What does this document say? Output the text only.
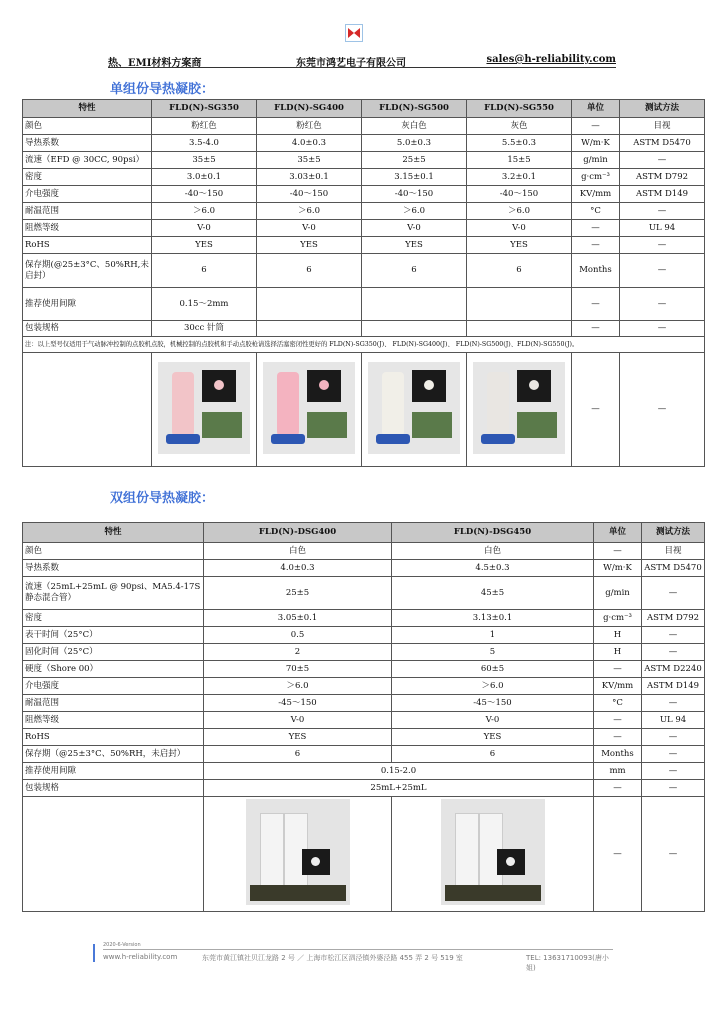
热、EMI材料方案商	东莞市鸿艺电子有限公司	sales@h-reliability.com
单组份导热凝胶：
特性	FLD(N)-SG350	FLD(N)-SG400	FLD(N)-SG500	FLD(N)-SG550	单位	测试方法
颜色	粉红色	粉红色	灰白色	灰色	—	目视
导热系数	3.5-4.0	4.0±0.3	5.0±0.3	5.5±0.3	W/m·K	ASTM D5470
流速（EFD @ 30CC, 90psi）	35±5	35±5	25±5	15±5	g/min	—
密度	3.0±0.1	3.03±0.1	3.15±0.1	3.2±0.1	g·cm⁻³	ASTM D792
介电强度	-40～150	-40～150	-40～150	-40～150	KV/mm	ASTM D149
耐温范围	＞6.0	＞6.0	＞6.0	＞6.0	°C	—
阻燃等级	V-0	V-0	V-0	V-0	—	UL 94
RoHS	YES	YES	YES	YES	—	—
保存期(@25±3°C、50%RH,未启封）	6	6	6	6	Months	—
推荐使用间隙	0.15～2mm				—	—
包装规格	30cc 针筒				—	—
注：以上型号仅适用于气动脉冲控制的点胶机点胶，机械控制的点胶机和手动点胶枪请选择活塞密闭性更好的 FLD(N)-SG350(J)、 FLD(N)-SG400(J)、 FLD(N)-SG500(J)、FLD(N)-SG550(J)。						

	—	—
双组份导热凝胶：
特性	FLD(N)-DSG400	FLD(N)-DSG450	单位	测试方法
颜色	白色	白色	—	目视
导热系数	4.0±0.3	4.5±0.3	W/m·K	ASTM D5470
流速（25mL+25mL @ 90psi、MA5.4-17S 静态混合管）	25±5	45±5	g/min	—
密度	3.05±0.1	3.13±0.1	g·cm⁻³	ASTM D792
表干时间（25°C）	0.5	1	H	—
固化时间（25°C）	2	5	H	—
硬度（Shore 00）	70±5	60±5	—	ASTM D2240
介电强度	＞6.0	＞6.0	KV/mm	ASTM D149
耐温范围	-45～150	-45～150	°C	—
阻燃等级	V-0	V-0	—	UL 94
RoHS	YES	YES	—	—
保存期（@25±3°C、50%RH，未启封）	6	6	Months	—
推荐使用间隙	0.15-2.0		mm	—
包装规格	25mL+25mL		—	—

	—	—
2020-6-Version
www.h-reliability.com	东莞市黄江镇社贝江龙路 2 号 ／ 上海市松江区泗泾镇外婆泾路 455 弄 2 号 519 室	TEL: 13631710093(唐小姐)
